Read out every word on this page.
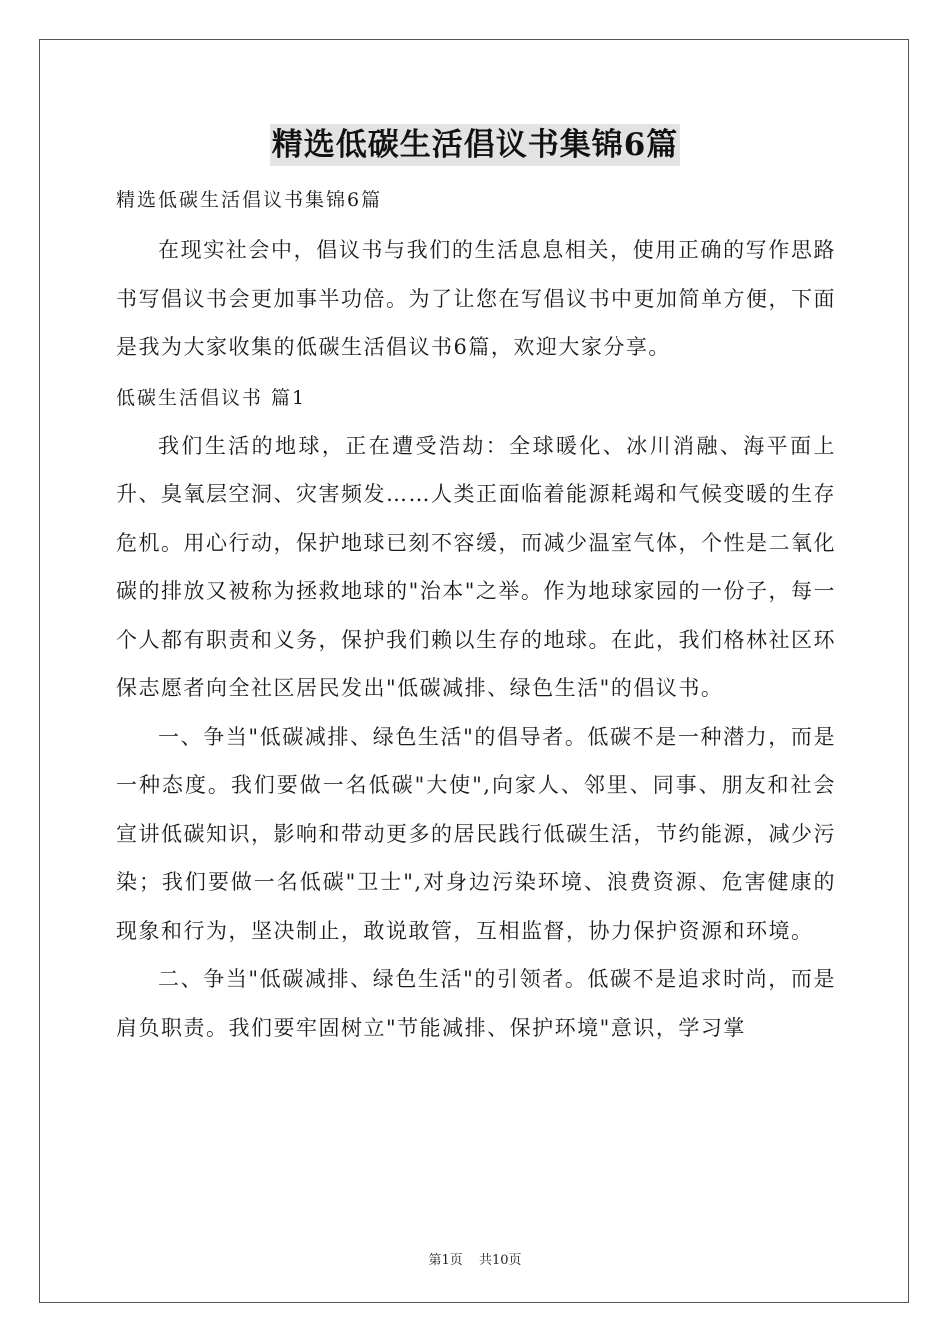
精选低碳生活倡议书集锦6篇

精选低碳生活倡议书集锦6篇

在现实社会中，倡议书与我们的生活息息相关，使用正确的写作思路书写倡议书会更加事半功倍。为了让您在写倡议书中更加简单方便，下面是我为大家收集的低碳生活倡议书6篇，欢迎大家分享。

低碳生活倡议书 篇1

我们生活的地球，正在遭受浩劫：全球暖化、冰川消融、海平面上升、臭氧层空洞、灾害频发……人类正面临着能源耗竭和气候变暖的生存危机。用心行动，保护地球已刻不容缓，而减少温室气体，个性是二氧化碳的排放又被称为拯救地球的"治本"之举。作为地球家园的一份子，每一个人都有职责和义务，保护我们赖以生存的地球。在此，我们格林社区环保志愿者向全社区居民发出"低碳减排、绿色生活"的倡议书。

一、争当"低碳减排、绿色生活"的倡导者。低碳不是一种潜力，而是一种态度。我们要做一名低碳"大使",向家人、邻里、同事、朋友和社会宣讲低碳知识，影响和带动更多的居民践行低碳生活，节约能源，减少污染；我们要做一名低碳"卫士",对身边污染环境、浪费资源、危害健康的现象和行为，坚决制止，敢说敢管，互相监督，协力保护资源和环境。

二、争当"低碳减排、绿色生活"的引领者。低碳不是追求时尚，而是肩负职责。我们要牢固树立"节能减排、保护环境"意识，学习掌

第1页 共10页
